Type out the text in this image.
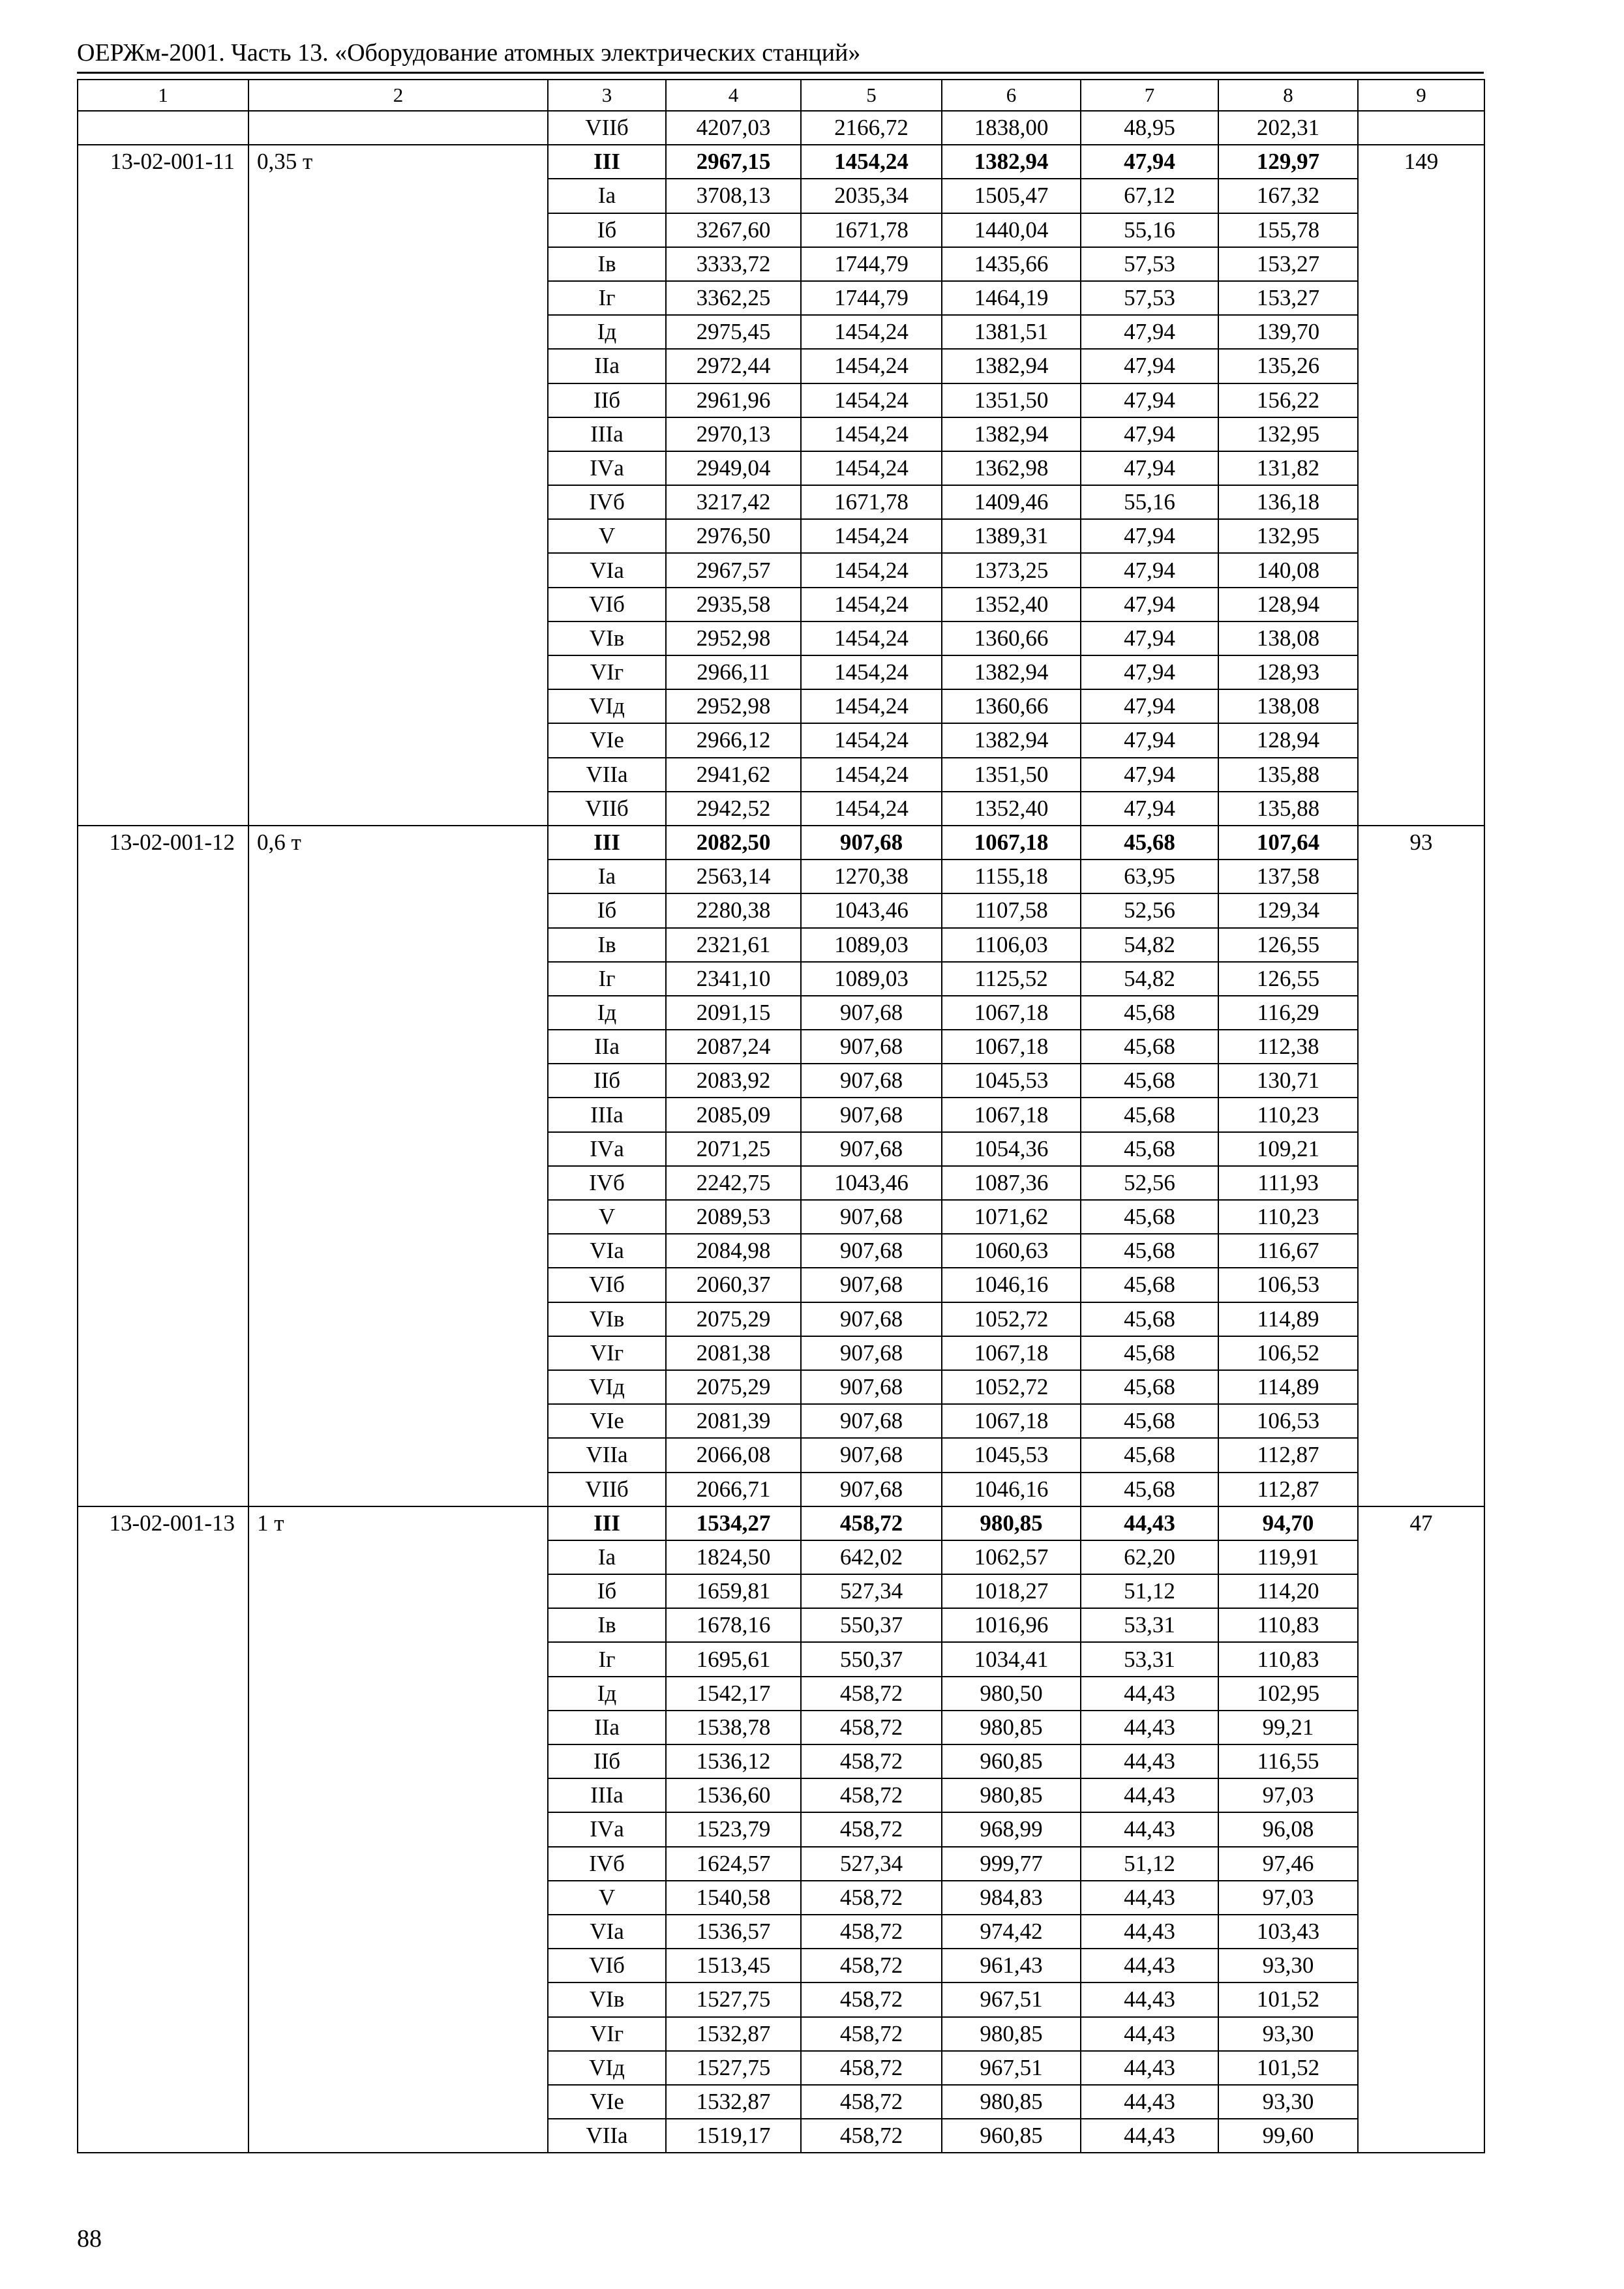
ОЕРЖм-2001. Часть 13. «Оборудование атомных электрических станций»
1	2	3	4	5	6	7	8	9
		VIIб	4207,03	2166,72	1838,00	48,95	202,31	
13-02-001-11	0,35 т	III	2967,15	1454,24	1382,94	47,94	129,97	149
		Iа	3708,13	2035,34	1505,47	67,12	167,32	
		Iб	3267,60	1671,78	1440,04	55,16	155,78	
		Iв	3333,72	1744,79	1435,66	57,53	153,27	
		Iг	3362,25	1744,79	1464,19	57,53	153,27	
		Iд	2975,45	1454,24	1381,51	47,94	139,70	
		IIа	2972,44	1454,24	1382,94	47,94	135,26	
		IIб	2961,96	1454,24	1351,50	47,94	156,22	
		IIIа	2970,13	1454,24	1382,94	47,94	132,95	
		IVа	2949,04	1454,24	1362,98	47,94	131,82	
		IVб	3217,42	1671,78	1409,46	55,16	136,18	
		V	2976,50	1454,24	1389,31	47,94	132,95	
		VIа	2967,57	1454,24	1373,25	47,94	140,08	
		VIб	2935,58	1454,24	1352,40	47,94	128,94	
		VIв	2952,98	1454,24	1360,66	47,94	138,08	
		VIг	2966,11	1454,24	1382,94	47,94	128,93	
		VIд	2952,98	1454,24	1360,66	47,94	138,08	
		VIе	2966,12	1454,24	1382,94	47,94	128,94	
		VIIа	2941,62	1454,24	1351,50	47,94	135,88	
		VIIб	2942,52	1454,24	1352,40	47,94	135,88	
13-02-001-12	0,6 т	III	2082,50	907,68	1067,18	45,68	107,64	93
		Iа	2563,14	1270,38	1155,18	63,95	137,58	
		Iб	2280,38	1043,46	1107,58	52,56	129,34	
		Iв	2321,61	1089,03	1106,03	54,82	126,55	
		Iг	2341,10	1089,03	1125,52	54,82	126,55	
		Iд	2091,15	907,68	1067,18	45,68	116,29	
		IIа	2087,24	907,68	1067,18	45,68	112,38	
		IIб	2083,92	907,68	1045,53	45,68	130,71	
		IIIа	2085,09	907,68	1067,18	45,68	110,23	
		IVа	2071,25	907,68	1054,36	45,68	109,21	
		IVб	2242,75	1043,46	1087,36	52,56	111,93	
		V	2089,53	907,68	1071,62	45,68	110,23	
		VIа	2084,98	907,68	1060,63	45,68	116,67	
		VIб	2060,37	907,68	1046,16	45,68	106,53	
		VIв	2075,29	907,68	1052,72	45,68	114,89	
		VIг	2081,38	907,68	1067,18	45,68	106,52	
		VIд	2075,29	907,68	1052,72	45,68	114,89	
		VIе	2081,39	907,68	1067,18	45,68	106,53	
		VIIа	2066,08	907,68	1045,53	45,68	112,87	
		VIIб	2066,71	907,68	1046,16	45,68	112,87	
13-02-001-13	1 т	III	1534,27	458,72	980,85	44,43	94,70	47
		Iа	1824,50	642,02	1062,57	62,20	119,91	
		Iб	1659,81	527,34	1018,27	51,12	114,20	
		Iв	1678,16	550,37	1016,96	53,31	110,83	
		Iг	1695,61	550,37	1034,41	53,31	110,83	
		Iд	1542,17	458,72	980,50	44,43	102,95	
		IIа	1538,78	458,72	980,85	44,43	99,21	
		IIб	1536,12	458,72	960,85	44,43	116,55	
		IIIа	1536,60	458,72	980,85	44,43	97,03	
		IVа	1523,79	458,72	968,99	44,43	96,08	
		IVб	1624,57	527,34	999,77	51,12	97,46	
		V	1540,58	458,72	984,83	44,43	97,03	
		VIа	1536,57	458,72	974,42	44,43	103,43	
		VIб	1513,45	458,72	961,43	44,43	93,30	
		VIв	1527,75	458,72	967,51	44,43	101,52	
		VIг	1532,87	458,72	980,85	44,43	93,30	
		VIд	1527,75	458,72	967,51	44,43	101,52	
		VIе	1532,87	458,72	980,85	44,43	93,30	
		VIIа	1519,17	458,72	960,85	44,43	99,60	
88
